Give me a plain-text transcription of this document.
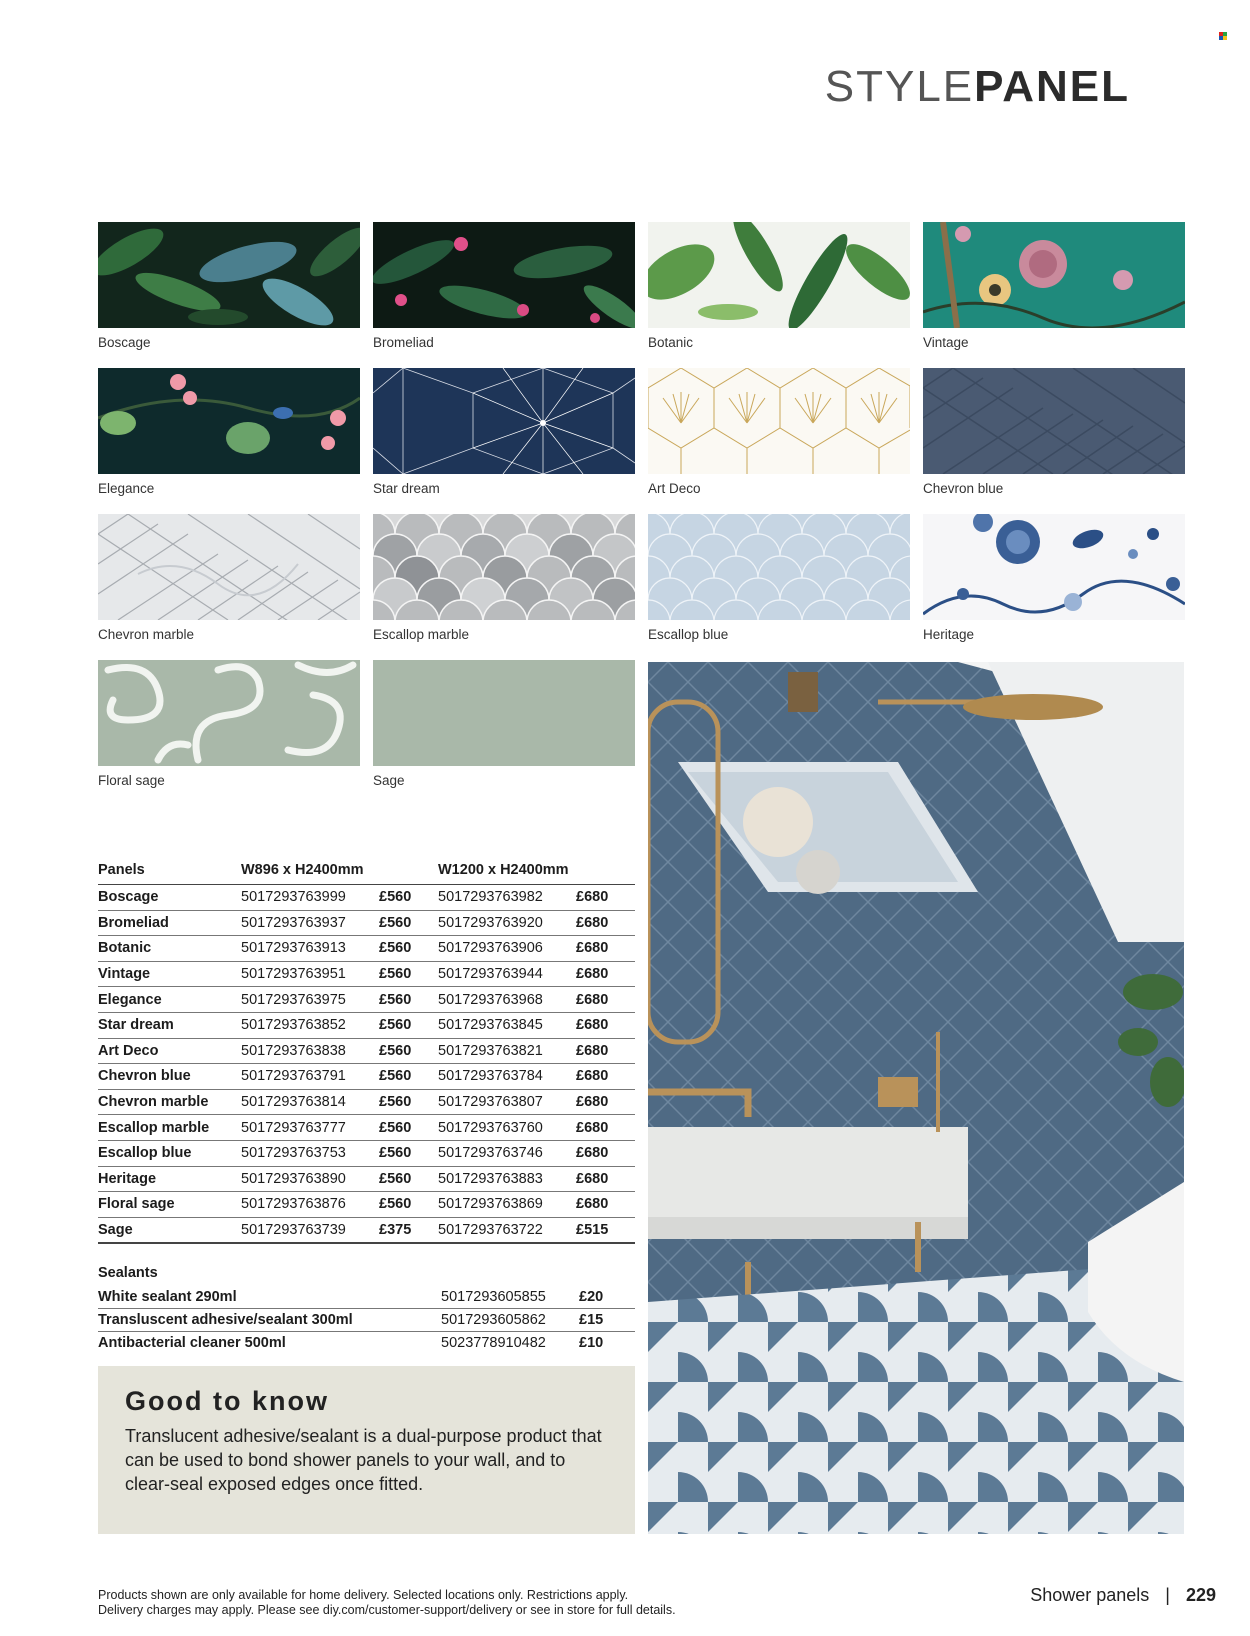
STYLEPANEL
Boscage	Bromeliad	Botanic	Vintage
Elegance	Star dream	Art Deco	Chevron blue
Chevron marble	Escallop marble	Escallop blue	Heritage
Floral sage	Sage
Panels	W896 x H2400mm		W1200 x H2400mm	
Boscage	5017293763999	£560	5017293763982	£680
Bromeliad	5017293763937	£560	5017293763920	£680
Botanic	5017293763913	£560	5017293763906	£680
Vintage	5017293763951	£560	5017293763944	£680
Elegance	5017293763975	£560	5017293763968	£680
Star dream	5017293763852	£560	5017293763845	£680
Art Deco	5017293763838	£560	5017293763821	£680
Chevron blue	5017293763791	£560	5017293763784	£680
Chevron marble	5017293763814	£560	5017293763807	£680
Escallop marble	5017293763777	£560	5017293763760	£680
Escallop blue	5017293763753	£560	5017293763746	£680
Heritage	5017293763890	£560	5017293763883	£680
Floral sage	5017293763876	£560	5017293763869	£680
Sage	5017293763739	£375	5017293763722	£515
Sealants
White sealant 290ml	5017293605855 £20
Transluscent adhesive/sealant 300ml	5017293605862 £15
Antibacterial cleaner 500ml	5023778910482 £10
Good to know

Translucent adhesive/sealant is a dual-purpose product that can be used to bond shower panels to your wall, and to clear-seal exposed edges once fitted.

Products shown are only available for home delivery. Selected locations only. Restrictions apply.
Delivery charges may apply. Please see diy.com/customer-support/delivery or see in store for full details.
Shower panels | 229
